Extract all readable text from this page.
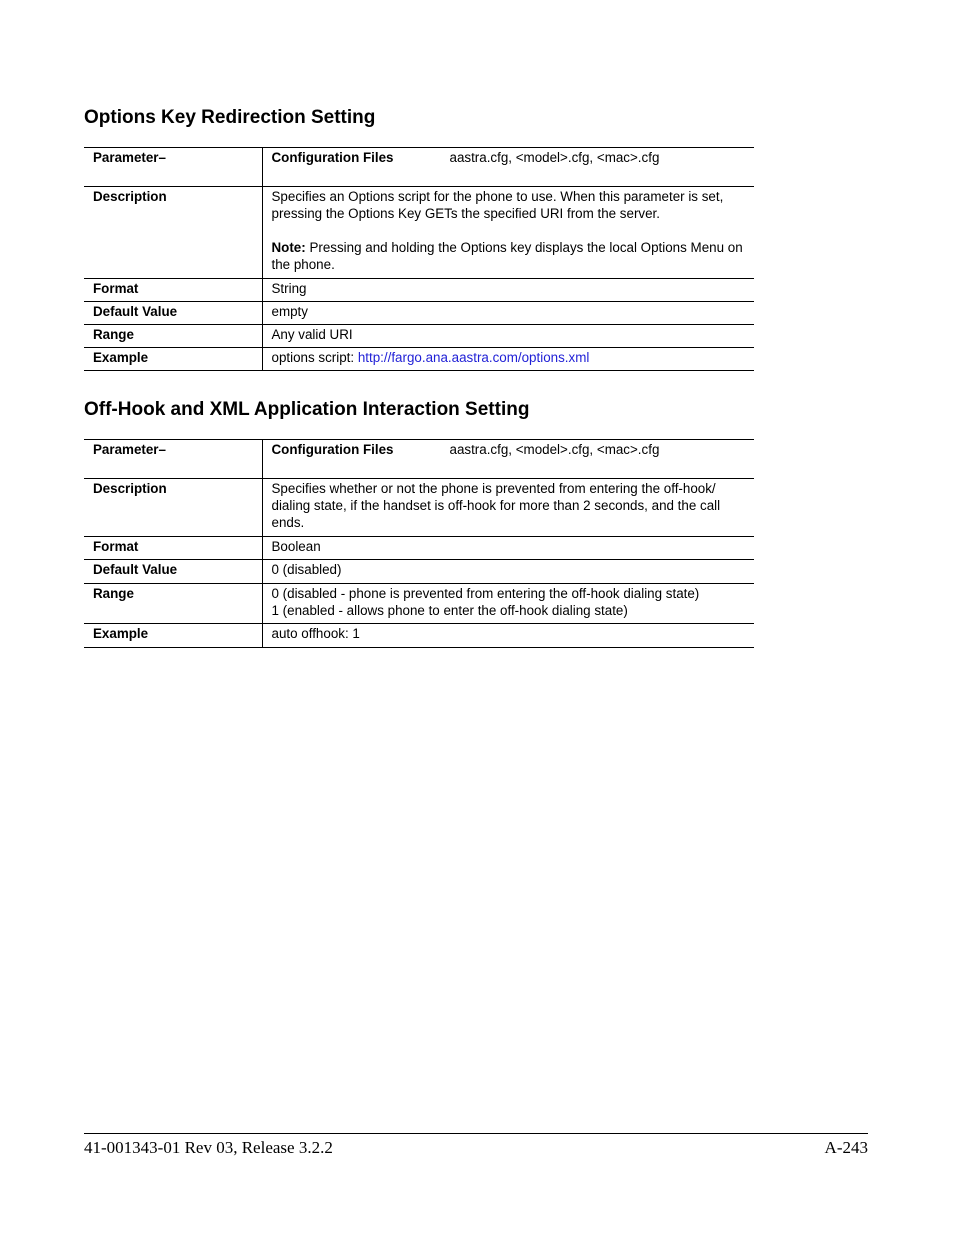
Options Key Redirection Setting
Parameter–	Configuration Files aastra.cfg, <model>.cfg, <mac>.cfg

Description	Specifies an Options script for the phone to use. When this parameter is set, pressing the Options Key GETs the specified URI from the server.
Note: Pressing and holding the Options key displays the local Options Menu on the phone.

Format	String
Default Value	empty
Range	Any valid URI
Example	options script: http://fargo.ana.aastra.com/options.xml
Off-Hook and XML Application Interaction Setting
Parameter–	Configuration Files aastra.cfg, <model>.cfg, <mac>.cfg

Description	Specifies whether or not the phone is prevented from entering the off-hook/ dialing state, if the handset is off-hook for more than 2 seconds, and the call ends.
Format	Boolean
Default Value	0 (disabled)
Range	0 (disabled - phone is prevented from entering the off-hook dialing state)
1 (enabled - allows phone to enter the off-hook dialing state)

Example	auto offhook: 1
41-001343-01 Rev 03, Release 3.2.2	A-243
